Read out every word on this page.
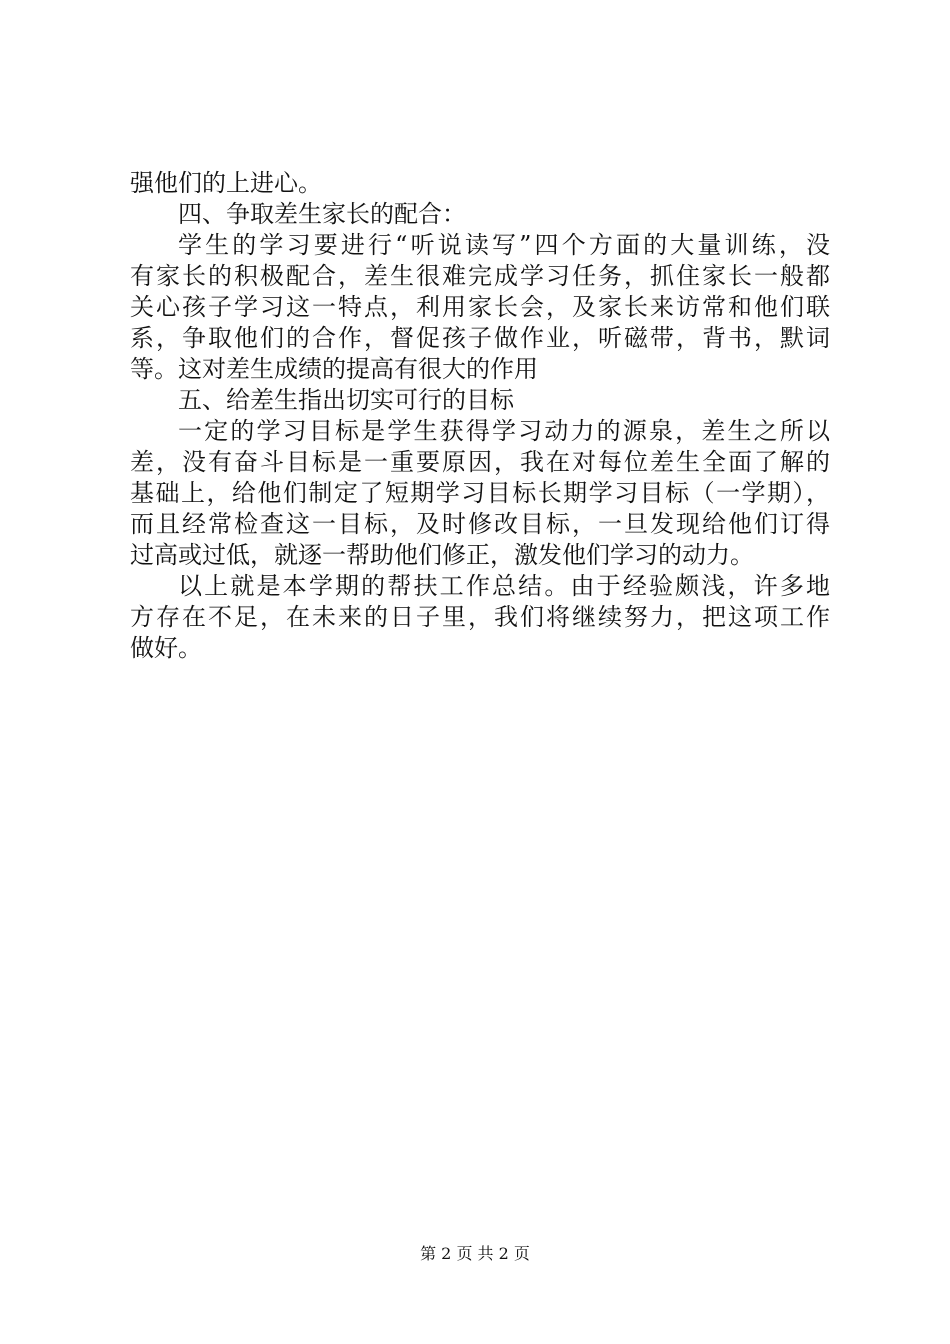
强他们的上进心。
四、争取差生家长的配合：
学生的学习要进行“听说读写”四个方面的大量训练，没
有家长的积极配合，差生很难完成学习任务，抓住家长一般都
关心孩子学习这一特点，利用家长会，及家长来访常和他们联
系，争取他们的合作，督促孩子做作业，听磁带，背书，默词
等。这对差生成绩的提高有很大的作用
五、给差生指出切实可行的目标
一定的学习目标是学生获得学习动力的源泉，差生之所以
差，没有奋斗目标是一重要原因，我在对每位差生全面了解的
基础上，给他们制定了短期学习目标长期学习目标（一学期），
而且经常检查这一目标，及时修改目标，一旦发现给他们订得
过高或过低，就逐一帮助他们修正，激发他们学习的动力。
以上就是本学期的帮扶工作总结。由于经验颇浅，许多地
方存在不足，在未来的日子里，我们将继续努力，把这项工作
做好。
第 2 页 共 2 页
